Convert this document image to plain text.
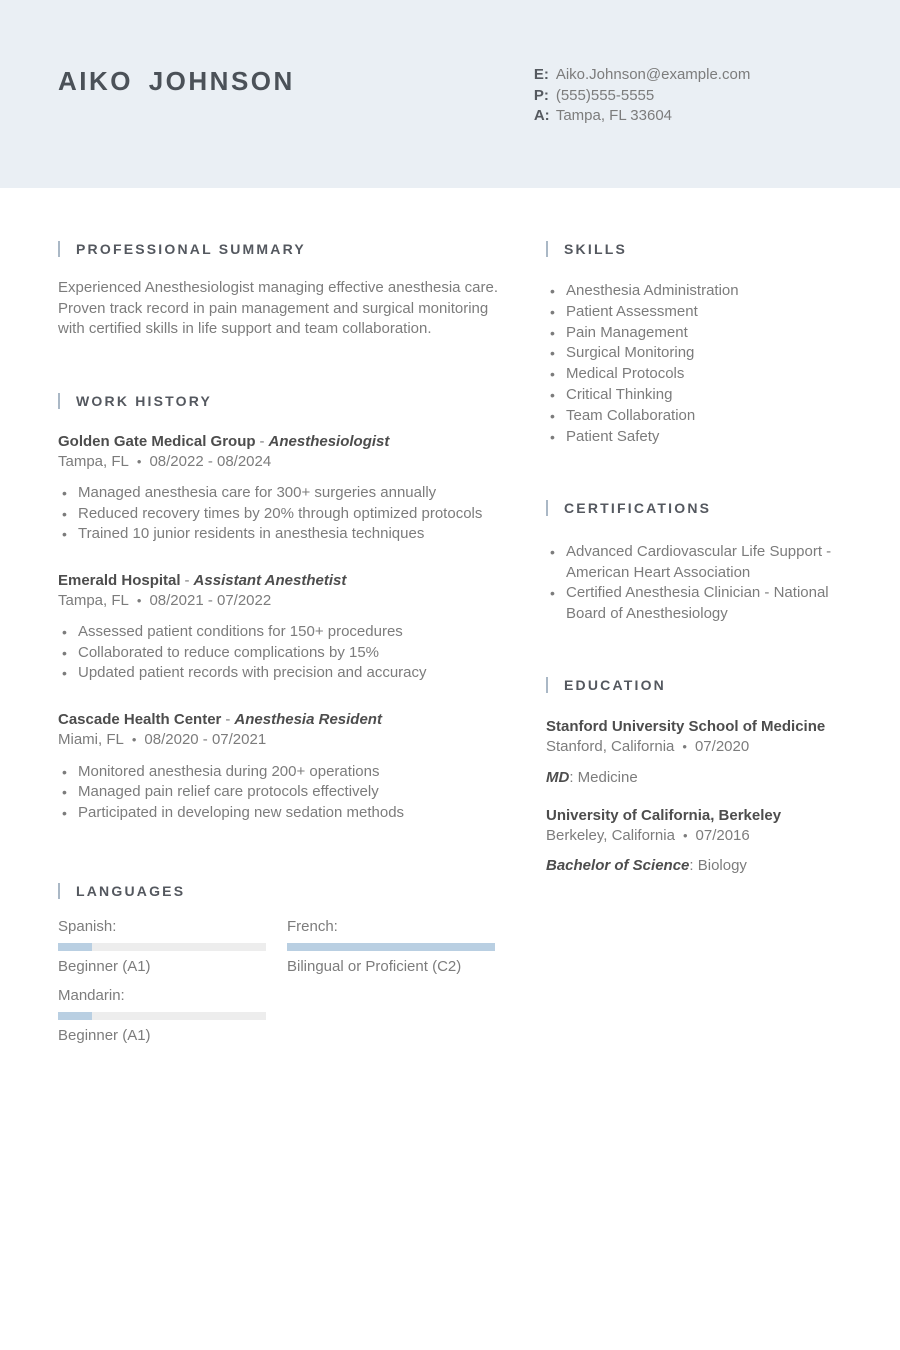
AIKO JOHNSON	E: Aiko.Johnson@example.com
P: (555)555-5555
A: Tampa, FL 33604
PROFESSIONAL SUMMARY

Experienced Anesthesiologist managing effective anesthesia care. Proven track record in pain management and surgical monitoring with certified skills in life support and team collaboration.

WORK HISTORY
Golden Gate Medical Group - Anesthesiologist
Tampa, FL • 08/2022 - 08/2024
• Managed anesthesia care for 300+ surgeries annually
• Reduced recovery times by 20% through optimized protocols
• Trained 10 junior residents in anesthesia techniques
Emerald Hospital - Assistant Anesthetist
Tampa, FL • 08/2021 - 07/2022
• Assessed patient conditions for 150+ procedures
• Collaborated to reduce complications by 15%
• Updated patient records with precision and accuracy
Cascade Health Center - Anesthesia Resident
Miami, FL • 08/2020 - 07/2021
• Monitored anesthesia during 200+ operations
• Managed pain relief care protocols effectively
• Participated in developing new sedation methods
LANGUAGES
Spanish:
Beginner (A1)
French:
Bilingual or Proficient (C2)
Mandarin:
Beginner (A1)
SKILLS
• Anesthesia Administration
• Patient Assessment
• Pain Management
• Surgical Monitoring
• Medical Protocols
• Critical Thinking
• Team Collaboration
• Patient Safety
CERTIFICATIONS
• Advanced Cardiovascular Life Support - American Heart Association
• Certified Anesthesia Clinician - National Board of Anesthesiology
EDUCATION
Stanford University School of Medicine
Stanford, California • 07/2020
MD: Medicine
University of California, Berkeley
Berkeley, California • 07/2016
Bachelor of Science: Biology
